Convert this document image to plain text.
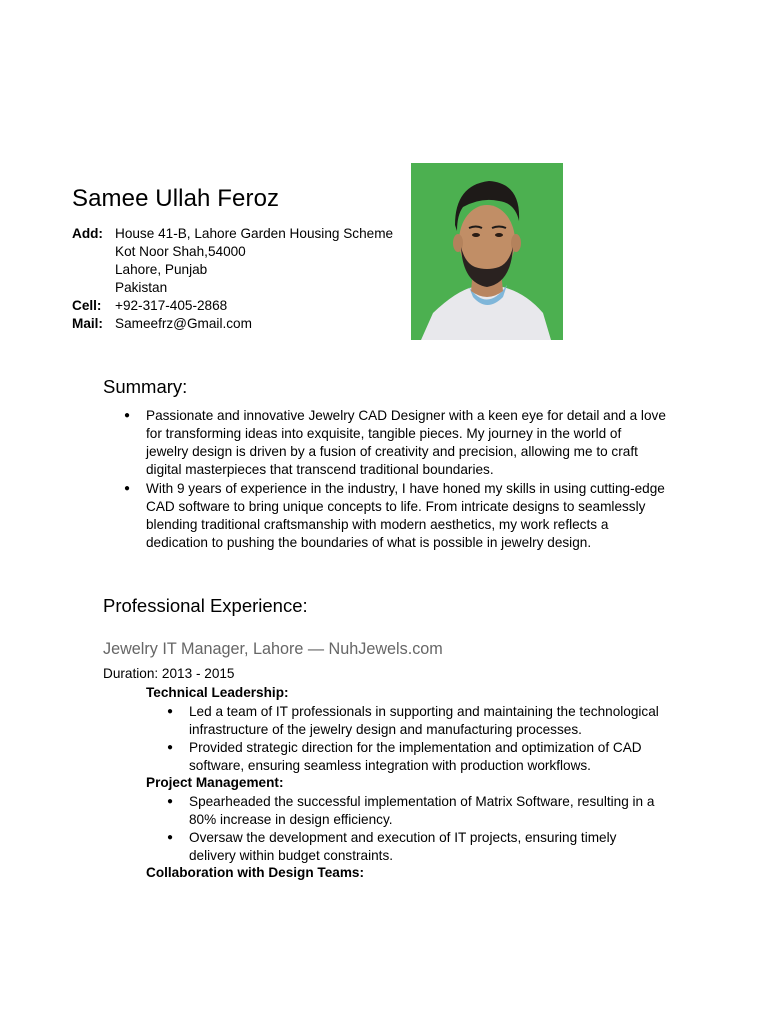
Samee Ullah Feroz
Add: House 41-B, Lahore Garden Housing Scheme
Kot Noor Shah,54000
Lahore, Punjab
Pakistan
Cell: +92-317-405-2868
Mail: Sameefrz@Gmail.com
Summary:
● Passionate and innovative Jewelry CAD Designer with a keen eye for detail and a love for transforming ideas into exquisite, tangible pieces. My journey in the world of jewelry design is driven by a fusion of creativity and precision, allowing me to craft digital masterpieces that transcend traditional boundaries.
● With 9 years of experience in the industry, I have honed my skills in using cutting-edge CAD software to bring unique concepts to life. From intricate designs to seamlessly blending traditional craftsmanship with modern aesthetics, my work reflects a dedication to pushing the boundaries of what is possible in jewelry design.
Professional Experience:
Jewelry IT Manager, Lahore — NuhJewels.com
Duration: 2013 - 2015
Technical Leadership:
● Led a team of IT professionals in supporting and maintaining the technological infrastructure of the jewelry design and manufacturing processes.
● Provided strategic direction for the implementation and optimization of CAD software, ensuring seamless integration with production workflows.
Project Management:
● Spearheaded the successful implementation of Matrix Software, resulting in a 80% increase in design efficiency.
● Oversaw the development and execution of IT projects, ensuring timely delivery within budget constraints.
Collaboration with Design Teams:
